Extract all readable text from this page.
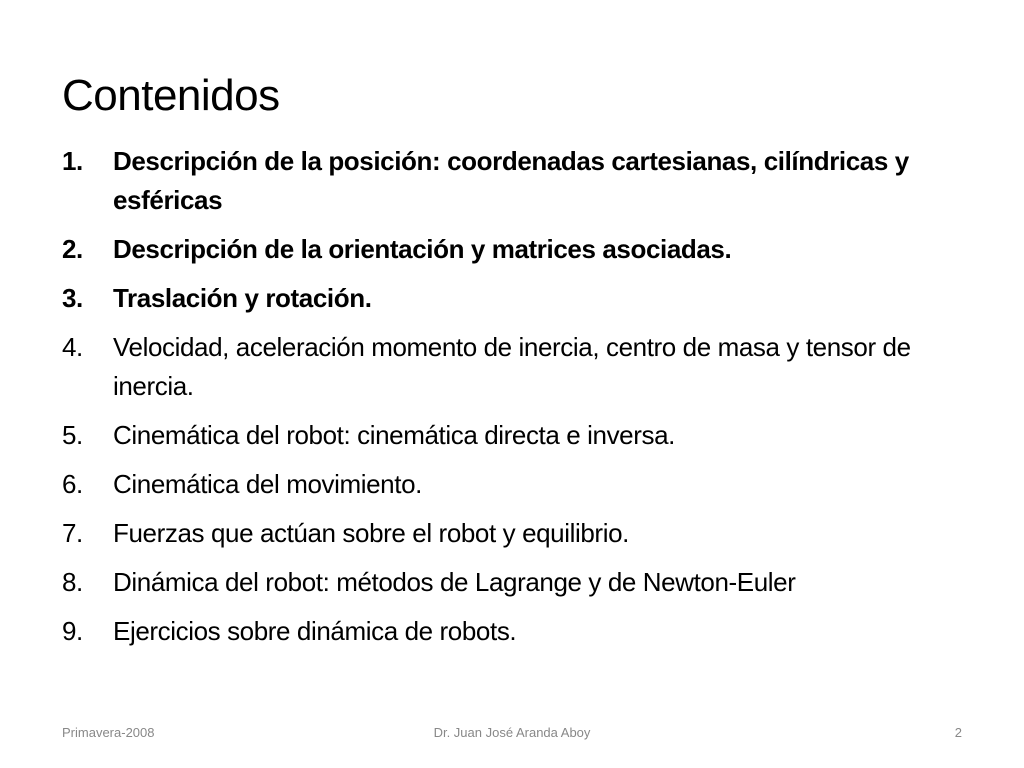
Contenidos
1.	Descripción de la posición: coordenadas cartesianas, cilíndricas y esféricas
2.	Descripción de la orientación y matrices asociadas.
3.	Traslación y rotación.
4.	Velocidad, aceleración momento de inercia, centro de masa y tensor de inercia.
5.	Cinemática del robot: cinemática directa e inversa.
6.	Cinemática del movimiento.
7.	Fuerzas que actúan sobre el robot y equilibrio.
8.	Dinámica del robot: métodos de Lagrange y de Newton-Euler
9.	Ejercicios sobre dinámica de robots.
Dr. Juan José Aranda Aboy
Primavera-2008	2
